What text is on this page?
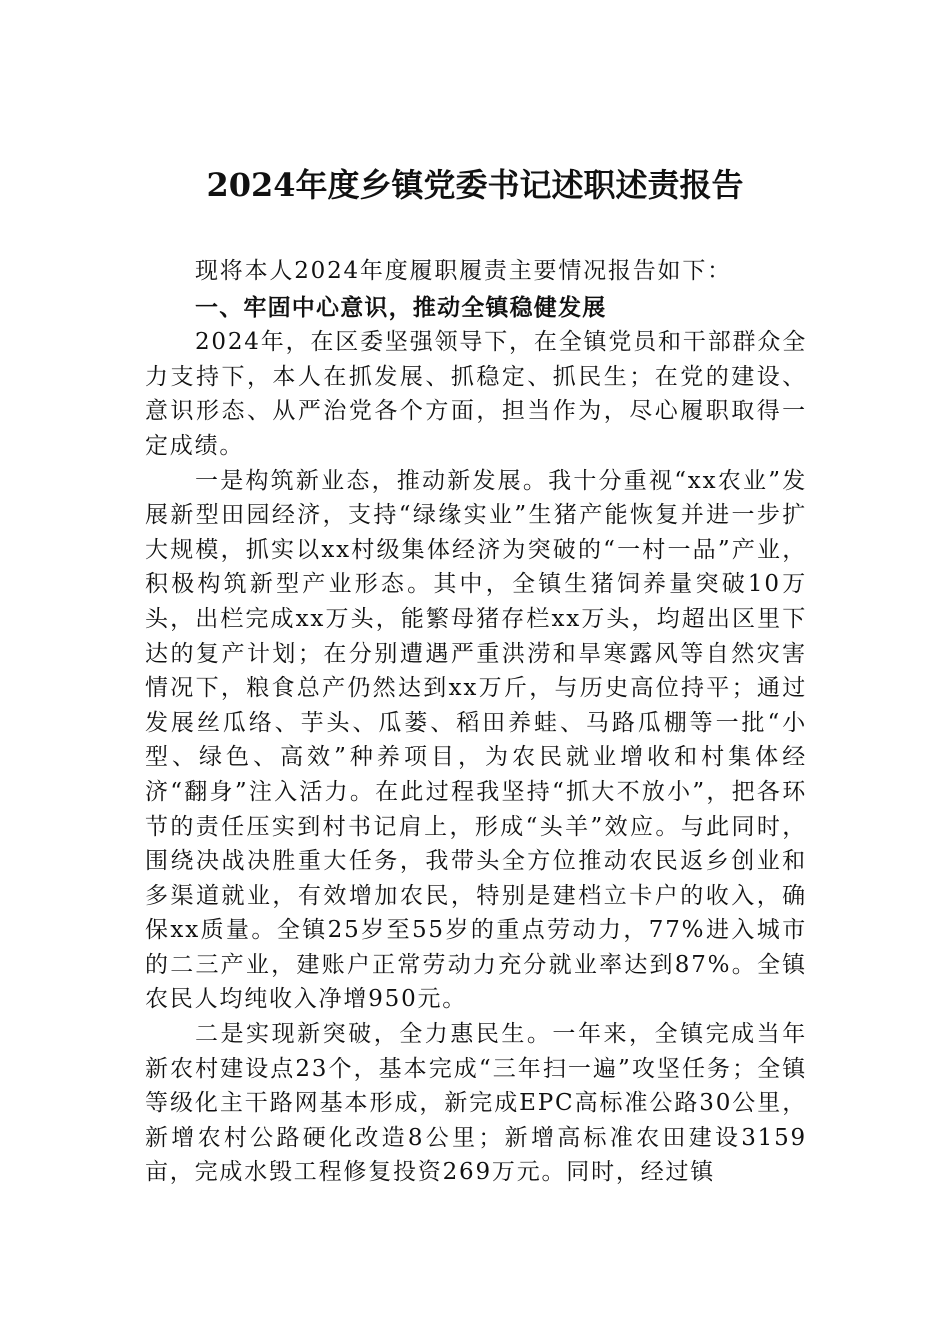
2024年度乡镇党委书记述职述责报告

现将本人2024年度履职履责主要情况报告如下：

一、牢固中心意识，推动全镇稳健发展

2024年，在区委坚强领导下，在全镇党员和干部群众全力支持下，本人在抓发展、抓稳定、抓民生；在党的建设、意识形态、从严治党各个方面，担当作为，尽心履职取得一定成绩。

一是构筑新业态，推动新发展。我十分重视“xx农业”发展新型田园经济，支持“绿缘实业”生猪产能恢复并进一步扩大规模，抓实以xx村级集体经济为突破的“一村一品”产业，积极构筑新型产业形态。其中，全镇生猪饲养量突破10万头，出栏完成xx万头，能繁母猪存栏xx万头，均超出区里下达的复产计划；在分别遭遇严重洪涝和旱寒露风等自然灾害情况下，粮食总产仍然达到xx万斤，与历史高位持平；通过发展丝瓜络、芋头、瓜蒌、稻田养蛙、马路瓜棚等一批“小型、绿色、高效”种养项目，为农民就业增收和村集体经济“翻身”注入活力。在此过程我坚持“抓大不放小”，把各环节的责任压实到村书记肩上，形成“头羊”效应。与此同时，围绕决战决胜重大任务，我带头全方位推动农民返乡创业和多渠道就业，有效增加农民，特别是建档立卡户的收入，确保xx质量。全镇25岁至55岁的重点劳动力，77%进入城市的二三产业，建账户正常劳动力充分就业率达到87%。全镇农民人均纯收入净增950元。

二是实现新突破，全力惠民生。一年来，全镇完成当年新农村建设点23个，基本完成“三年扫一遍”攻坚任务；全镇等级化主干路网基本形成，新完成EPC高标准公路30公里，新增农村公路硬化改造8公里；新增高标准农田建设3159亩，完成水毁工程修复投资269万元。同时，经过镇
